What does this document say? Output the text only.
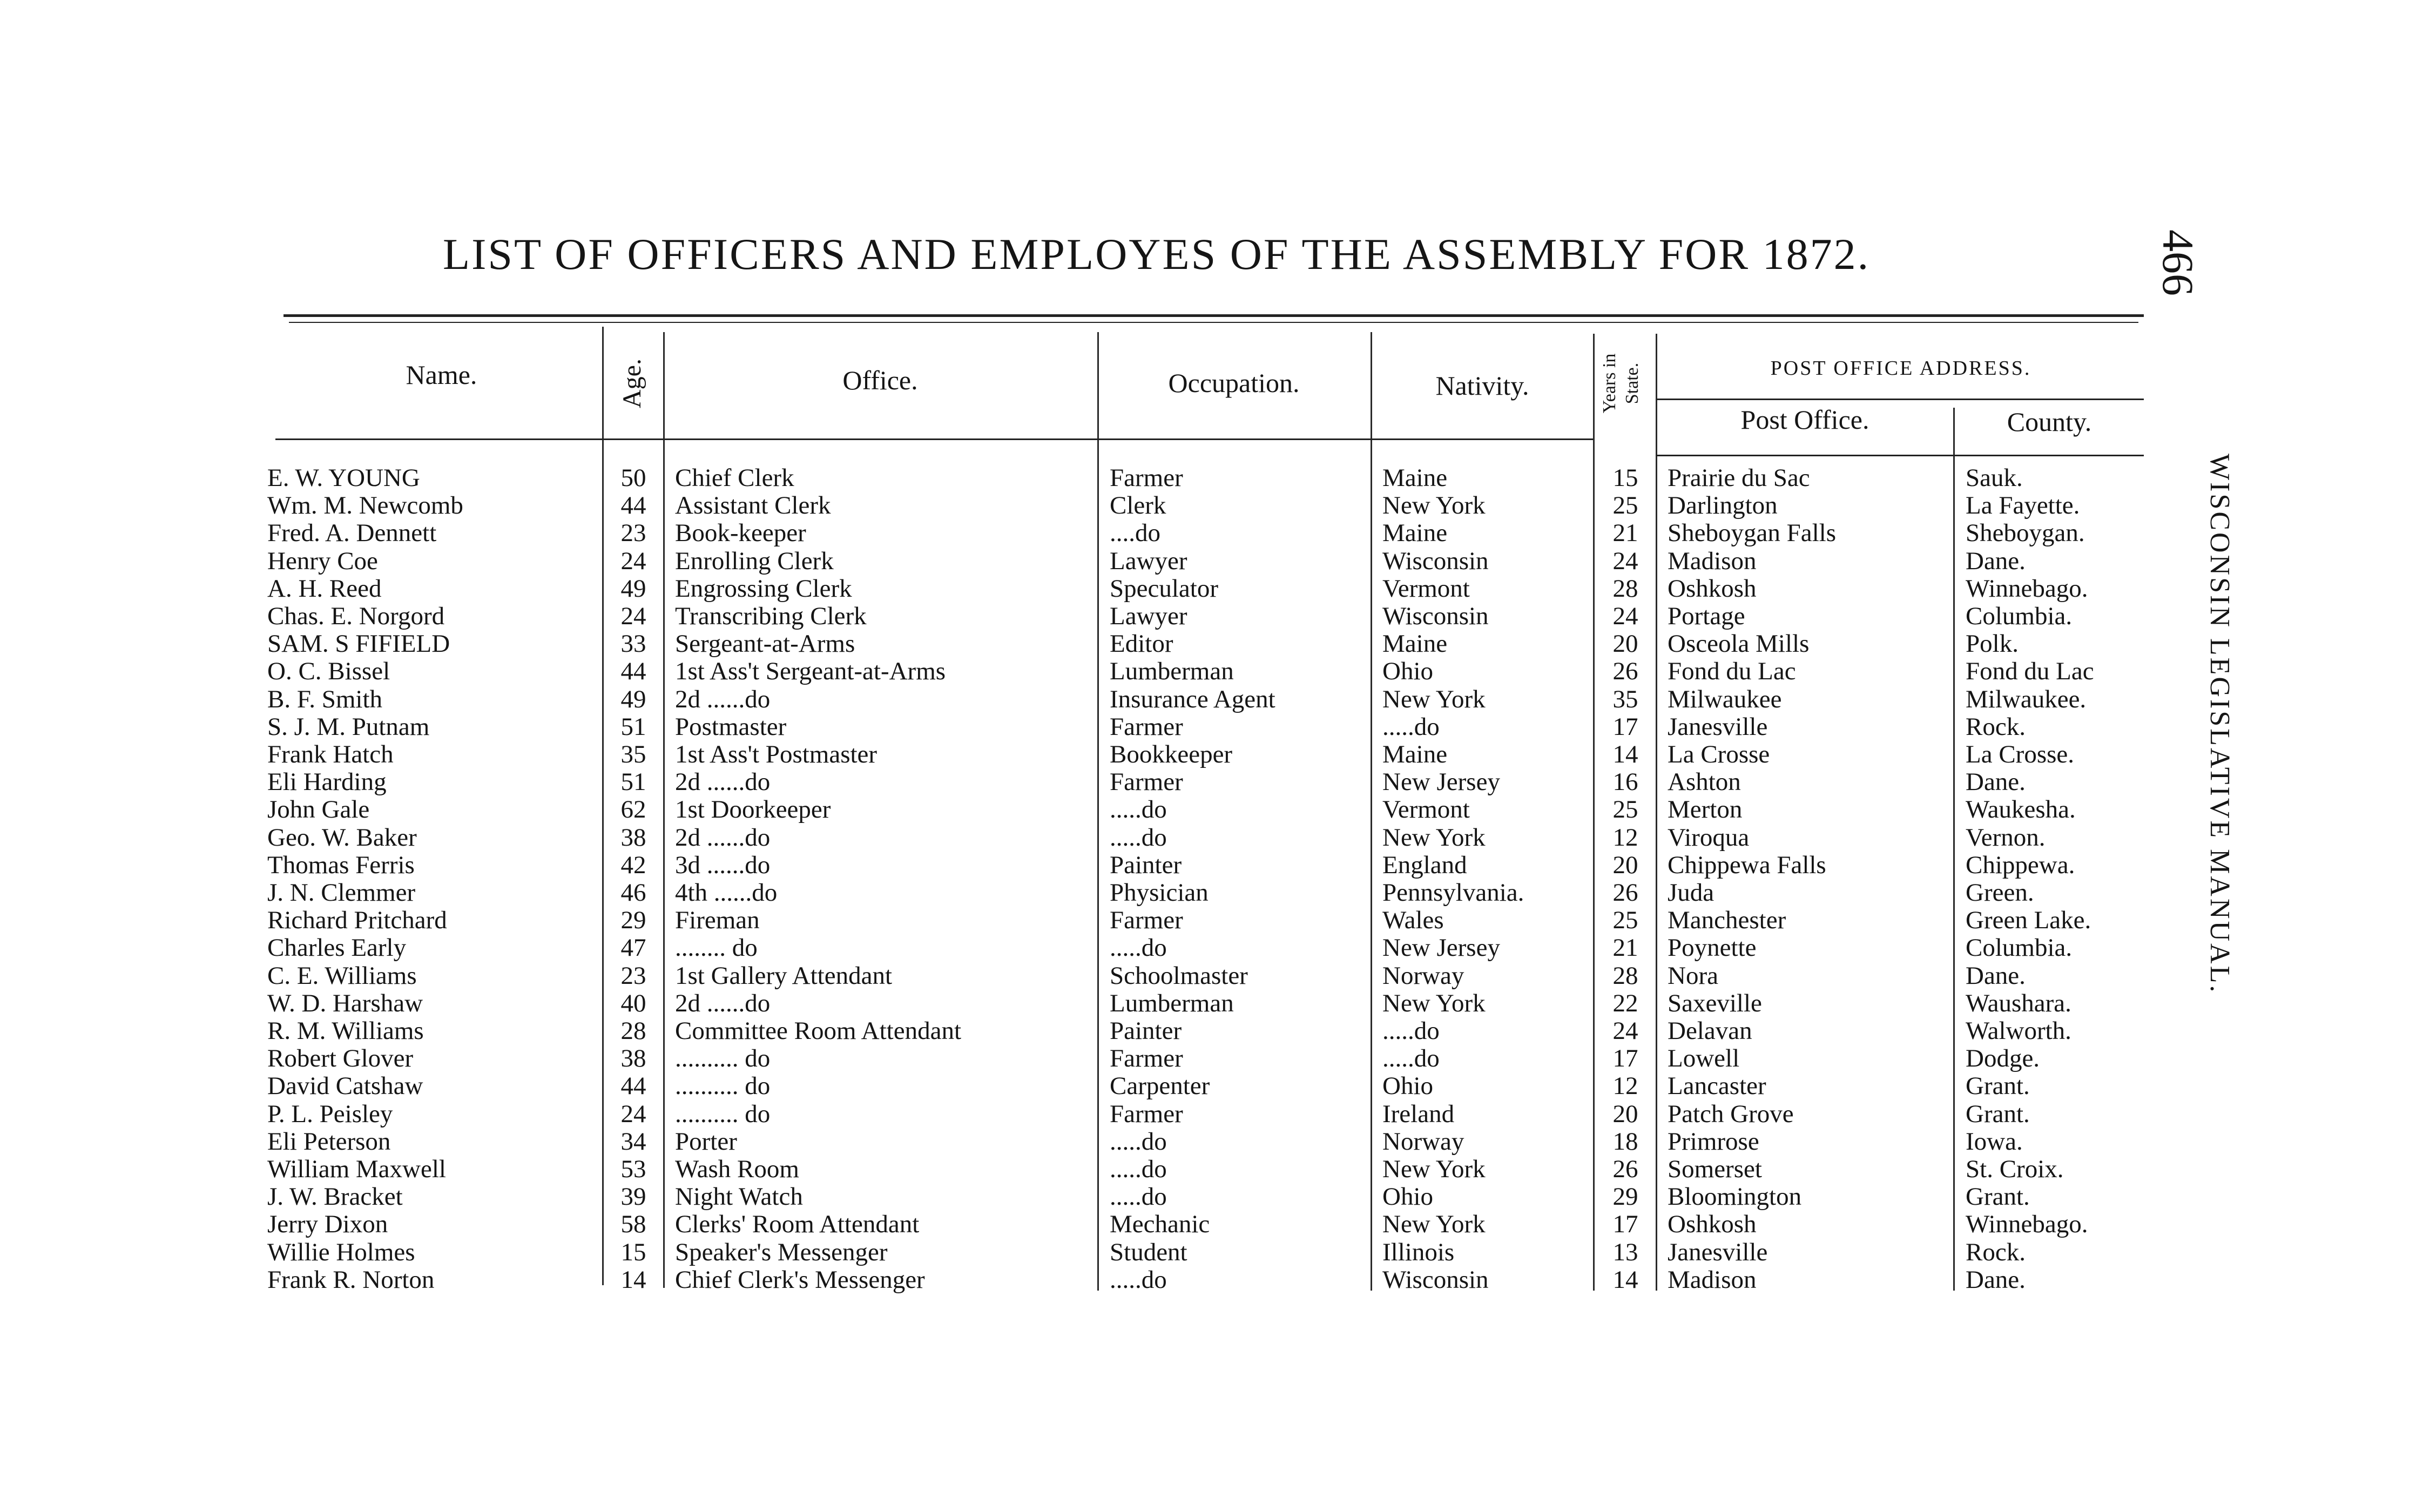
LIST OF OFFICERS AND EMPLOYES OF THE ASSEMBLY FOR 1872.	466
WISCONSIN LEGISLATIVE MANUAL.
Name.	Age.	Office.	Occupation.	Nativity.	Years in State.	POST OFFICE ADDRESS.
Post Office.	County.
E. W. YOUNG	50	Chief Clerk	Farmer	Maine	15	Prairie du Sac	Sauk.
Wm. M. Newcomb	44	Assistant Clerk	Clerk	New York	25	Darlington	La Fayette.
Fred. A. Dennett	23	Book-keeper	....do	Maine	21	Sheboygan Falls	Sheboygan.
Henry Coe	24	Enrolling Clerk	Lawyer	Wisconsin	24	Madison	Dane.
A. H. Reed	49	Engrossing Clerk	Speculator	Vermont	28	Oshkosh	Winnebago.
Chas. E. Norgord	24	Transcribing Clerk	Lawyer	Wisconsin	24	Portage	Columbia.
SAM. S FIFIELD	33	Sergeant-at-Arms	Editor	Maine	20	Osceola Mills	Polk.
O. C. Bissel	44	1st Ass't Sergeant-at-Arms	Lumberman	Ohio	26	Fond du Lac	Fond du Lac
B. F. Smith	49	2d ......do	Insurance Agent	New York	35	Milwaukee	Milwaukee.
S. J. M. Putnam	51	Postmaster	Farmer	.....do	17	Janesville	Rock.
Frank Hatch	35	1st Ass't Postmaster	Bookkeeper	Maine	14	La Crosse	La Crosse.
Eli Harding	51	2d ......do	Farmer	New Jersey	16	Ashton	Dane.
John Gale	62	1st Doorkeeper	.....do	Vermont	25	Merton	Waukesha.
Geo. W. Baker	38	2d ......do	.....do	New York	12	Viroqua	Vernon.
Thomas Ferris	42	3d ......do	Painter	England	20	Chippewa Falls	Chippewa.
J. N. Clemmer	46	4th ......do	Physician	Pennsylvania.	26	Juda	Green.
Richard Pritchard	29	Fireman	Farmer	Wales	25	Manchester	Green Lake.
Charles Early	47	........ do	.....do	New Jersey	21	Poynette	Columbia.
C. E. Williams	23	1st Gallery Attendant	Schoolmaster	Norway	28	Nora	Dane.
W. D. Harshaw	40	2d ......do	Lumberman	New York	22	Saxeville	Waushara.
R. M. Williams	28	Committee Room Attendant	Painter	.....do	24	Delavan	Walworth.
Robert Glover	38	.......... do	Farmer	.....do	17	Lowell	Dodge.
David Catshaw	44	.......... do	Carpenter	Ohio	12	Lancaster	Grant.
P. L. Peisley	24	.......... do	Farmer	Ireland	20	Patch Grove	Grant.
Eli Peterson	34	Porter	.....do	Norway	18	Primrose	Iowa.
William Maxwell	53	Wash Room	.....do	New York	26	Somerset	St. Croix.
J. W. Bracket	39	Night Watch	.....do	Ohio	29	Bloomington	Grant.
Jerry Dixon	58	Clerks' Room Attendant	Mechanic	New York	17	Oshkosh	Winnebago.
Willie Holmes	15	Speaker's Messenger	Student	Illinois	13	Janesville	Rock.
Frank R. Norton	14	Chief Clerk's Messenger	.....do	Wisconsin	14	Madison	Dane.
